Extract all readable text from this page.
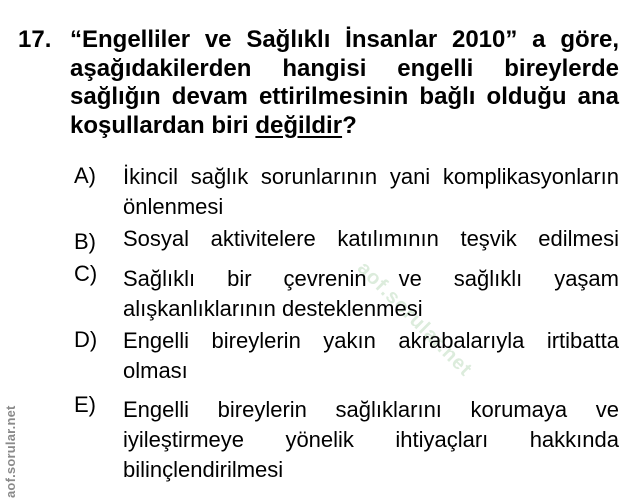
aof.sorular.net
17. “Engelliler ve Sağlıklı İnsanlar 2010” a göre, aşağıdakilerden hangisi engelli bireylerde sağlığın devam ettirilmesinin bağlı olduğu ana koşullardan biri değildir?
A) İkincil sağlık sorunlarının yani komplikasyonların önlenmesi
B) Sosyal aktivitelere katılımının teşvik edilmesi
C) Sağlıklı bir çevrenin ve sağlıklı yaşam alışkanlıklarının desteklenmesi
D) Engelli bireylerin yakın akrabalarıyla irtibatta olması
E) Engelli bireylerin sağlıklarını korumaya ve iyileştirmeye yönelik ihtiyaçları hakkında bilinçlendirilmesi
aof.sorular.net
